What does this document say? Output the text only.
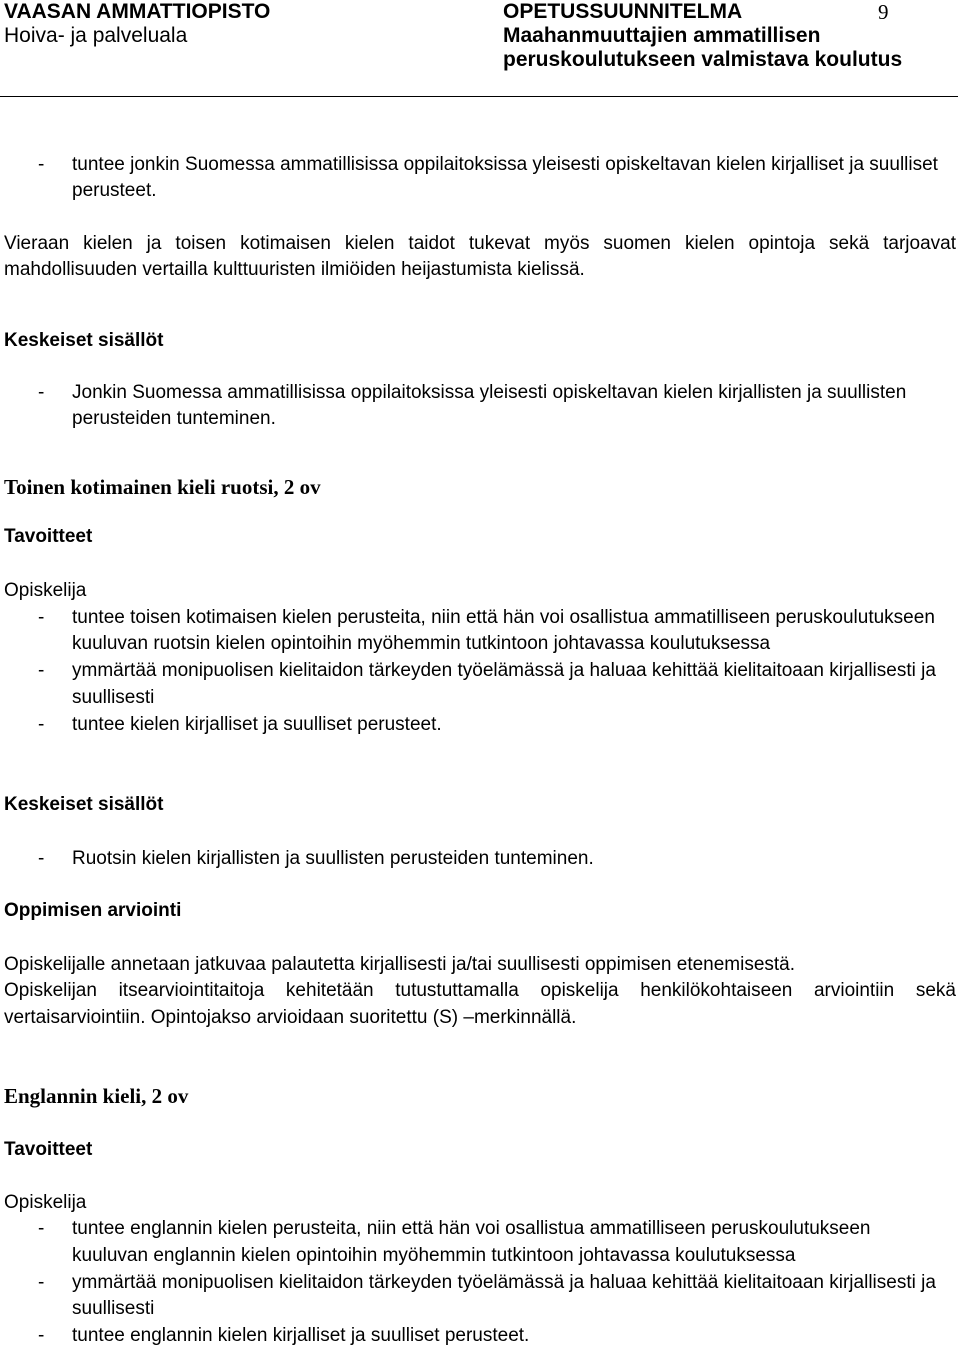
VAASAN AMMATTIOPISTO
Hoiva- ja palveluala
OPETUSSUUNNITELMA
Maahanmuuttajien ammatillisen
peruskoulutukseen valmistava koulutus
9
- tuntee jonkin Suomessa ammatillisissa oppilaitoksissa yleisesti opiskeltavan kielen kirjalliset ja suulliset
perusteet.

Vieraan kielen ja toisen kotimaisen kielen taidot tukevat myös suomen kielen opintoja sekä tarjoavat mahdollisuuden vertailla kulttuuristen ilmiöiden heijastumista kielissä.

Keskeiset sisällöt
- Jonkin Suomessa ammatillisissa oppilaitoksissa yleisesti opiskeltavan kielen kirjallisten ja suullisten
perusteiden tunteminen.
Toinen kotimainen kieli ruotsi, 2 ov
Tavoitteet
Opiskelija
- tuntee toisen kotimaisen kielen perusteita, niin että hän voi osallistua ammatilliseen peruskoulutukseen
kuuluvan ruotsin kielen opintoihin myöhemmin tutkintoon johtavassa koulutuksessa
- ymmärtää monipuolisen kielitaidon tärkeyden työelämässä ja haluaa kehittää kielitaitoaan kirjallisesti ja
suullisesti
- tuntee kielen kirjalliset ja suulliset perusteet.
Keskeiset sisällöt
- Ruotsin kielen kirjallisten ja suullisten perusteiden tunteminen.
Oppimisen arviointi

Opiskelijalle annetaan jatkuvaa palautetta kirjallisesti ja/tai suullisesti oppimisen etenemisestä.

Opiskelijan itsearviointitaitoja kehitetään tutustuttamalla opiskelija henkilökohtaiseen arviointiin sekä vertaisarviointiin. Opintojakso arvioidaan suoritettu (S) –merkinnällä.

Englannin kieli, 2 ov
Tavoitteet
Opiskelija
- tuntee englannin kielen perusteita, niin että hän voi osallistua ammatilliseen peruskoulutukseen
kuuluvan englannin kielen opintoihin myöhemmin tutkintoon johtavassa koulutuksessa
- ymmärtää monipuolisen kielitaidon tärkeyden työelämässä ja haluaa kehittää kielitaitoaan kirjallisesti ja
suullisesti
- tuntee englannin kielen kirjalliset ja suulliset perusteet.
